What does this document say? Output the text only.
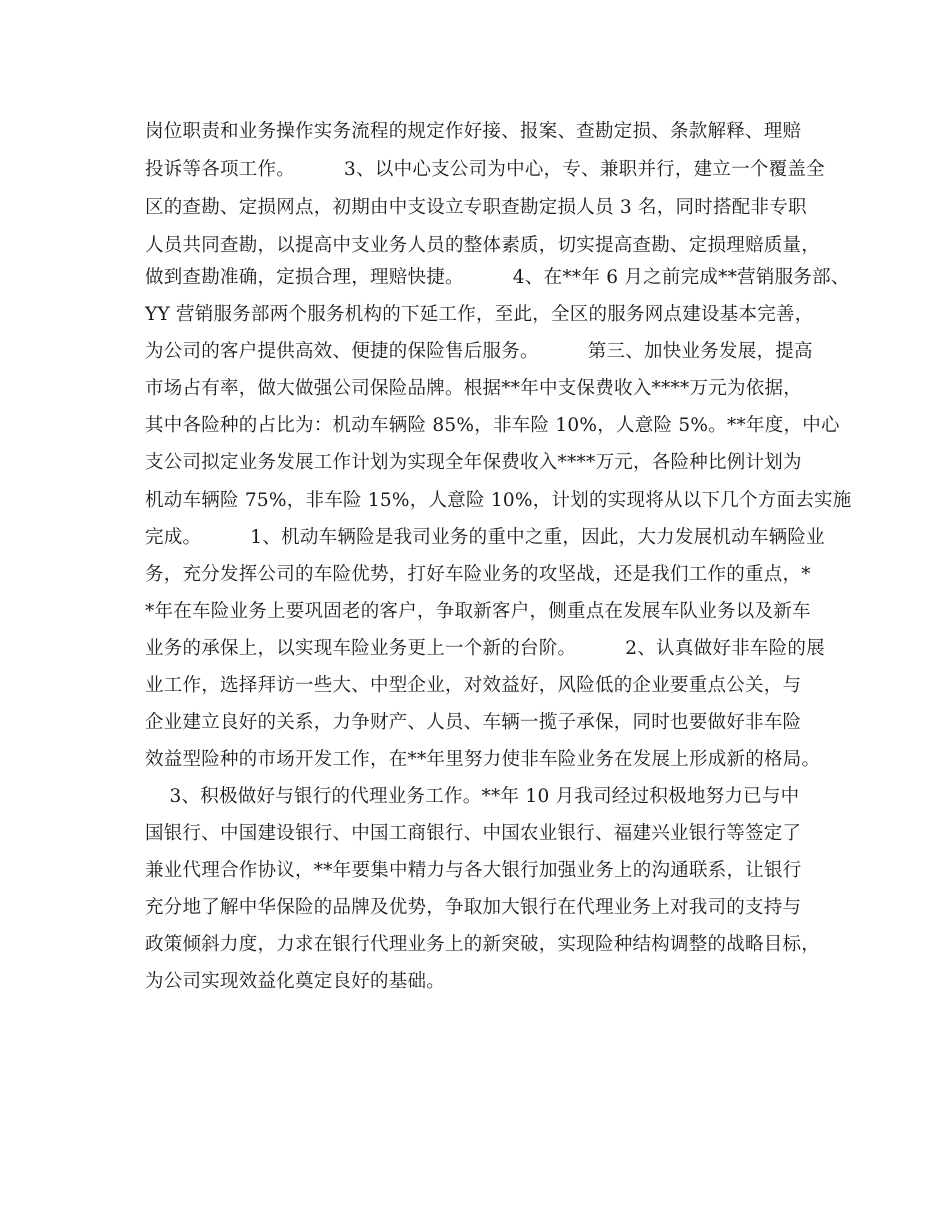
岗位职责和业务操作实务流程的规定作好接、报案、查勘定损、条款解释、理赔
投诉等各项工作。        3、以中心支公司为中心，专、兼职并行，建立一个覆盖全
区的查勘、定损网点，初期由中支设立专职查勘定损人员 3 名，同时搭配非专职
人员共同查勘，以提高中支业务人员的整体素质，切实提高查勘、定损理赔质量，
做到查勘准确，定损合理，理赔快捷。        4、在**年 6 月之前完成**营销服务部、
YY 营销服务部两个服务机构的下延工作，至此，全区的服务网点建设基本完善，
为公司的客户提供高效、便捷的保险售后服务。        第三、加快业务发展，提高
市场占有率，做大做强公司保险品牌。根据**年中支保费收入****万元为依据，
其中各险种的占比为：机动车辆险 85%，非车险 10%，人意险 5%。**年度，中心
支公司拟定业务发展工作计划为实现全年保费收入****万元，各险种比例计划为
机动车辆险 75%，非车险 15%，人意险 10%，计划的实现将从以下几个方面去实施
完成。        1、机动车辆险是我司业务的重中之重，因此，大力发展机动车辆险业
务，充分发挥公司的车险优势，打好车险业务的攻坚战，还是我们工作的重点，*
*年在车险业务上要巩固老的客户，争取新客户，侧重点在发展车队业务以及新车
业务的承保上，以实现车险业务更上一个新的台阶。        2、认真做好非车险的展
业工作，选择拜访一些大、中型企业，对效益好，风险低的企业要重点公关，与
企业建立良好的关系，力争财产、人员、车辆一揽子承保，同时也要做好非车险
效益型险种的市场开发工作，在**年里努力使非车险业务在发展上形成新的格局。
3、积极做好与银行的代理业务工作。**年 10 月我司经过积极地努力已与中
国银行、中国建设银行、中国工商银行、中国农业银行、福建兴业银行等签定了
兼业代理合作协议，**年要集中精力与各大银行加强业务上的沟通联系，让银行
充分地了解中华保险的品牌及优势，争取加大银行在代理业务上对我司的支持与
政策倾斜力度，力求在银行代理业务上的新突破，实现险种结构调整的战略目标，
为公司实现效益化奠定良好的基础。
